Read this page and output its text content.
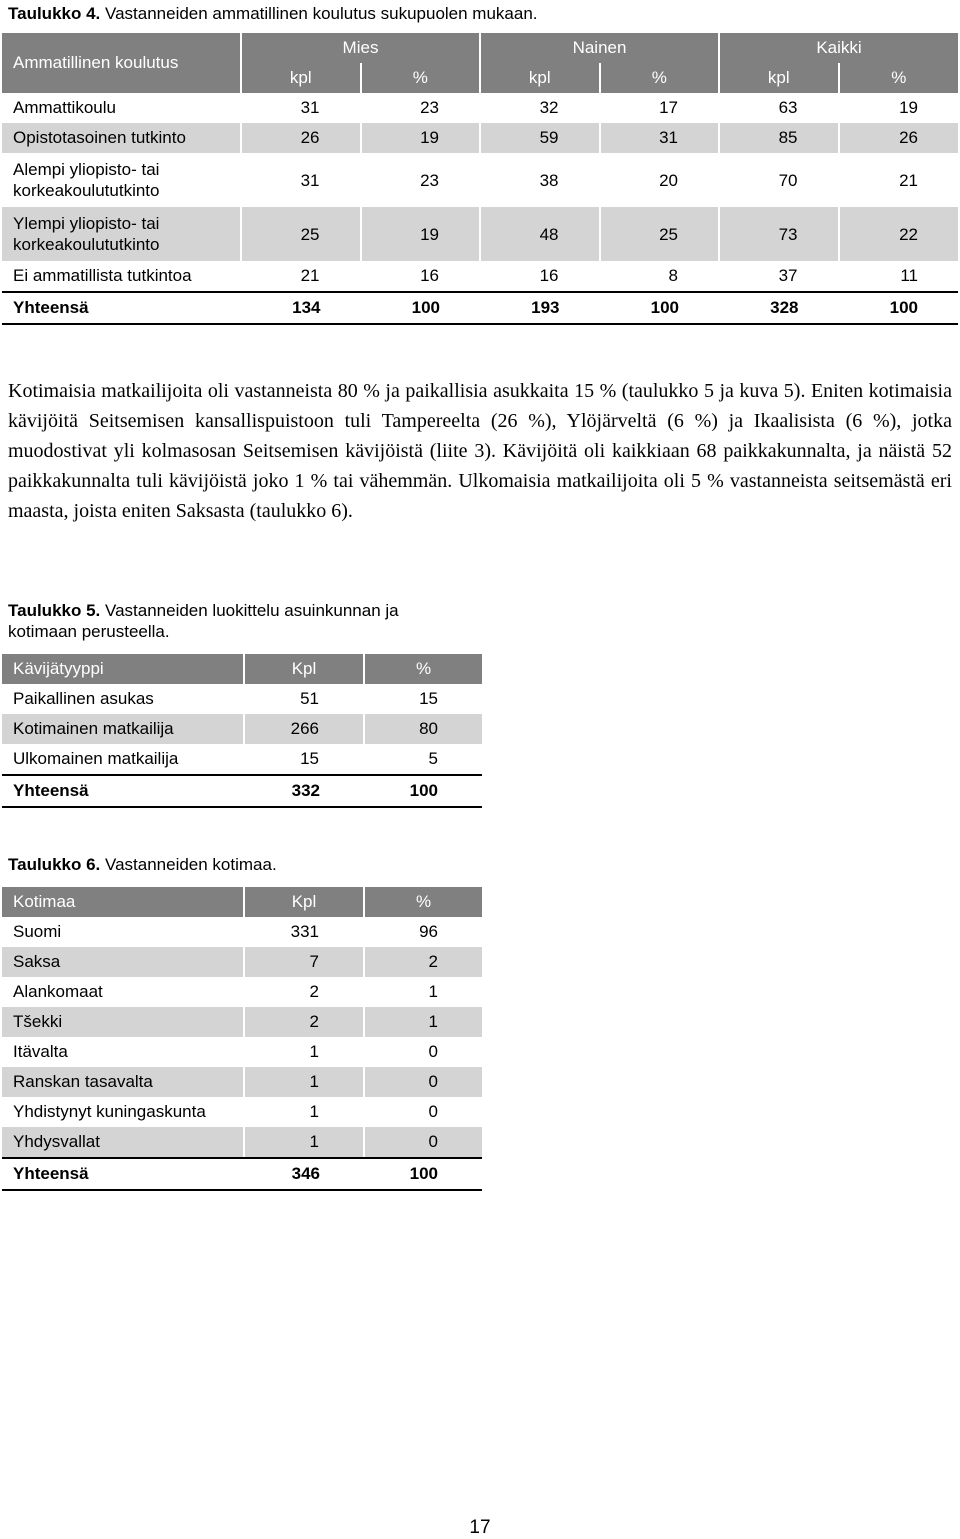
Taulukko 4. Vastanneiden ammatillinen koulutus sukupuolen mukaan.

Ammatillinen koulutus	Mies		Nainen		Kaikki	
	kpl	%	kpl	%	kpl	%
Ammattikoulu	31	23	32	17	63	19
Opistotasoinen tutkinto	26	19	59	31	85	26
Alempi yliopisto- tai korkeakoulututkinto	31	23	38	20	70	21
Ylempi yliopisto- tai korkeakoulututkinto	25	19	48	25	73	22
Ei ammatillista tutkintoa	21	16	16	8	37	11
Yhteensä	134	100	193	100	328	100

Kotimaisia matkailijoita oli vastanneista 80 % ja paikallisia asukkaita 15 % (taulukko 5 ja kuva 5). Eniten kotimaisia kävijöitä Seitsemisen kansallispuistoon tuli Tampereelta (26 %), Ylöjärveltä (6 %) ja Ikaalisista (6 %), jotka muodostivat yli kolmasosan Seitsemisen kävijöistä (liite 3). Kävijöitä oli kaikkiaan 68 paikkakunnalta, ja näistä 52 paikkakunnalta tuli kävijöistä joko 1 % tai vähemmän. Ulkomaisia matkailijoita oli 5 % vastanneista seitsemästä eri maasta, joista eniten Saksasta (taulukko 6).

Taulukko 5. Vastanneiden luokittelu asuinkunnan ja kotimaan perusteella.

Kävijätyyppi	Kpl	%
Paikallinen asukas	51	15
Kotimainen matkailija	266	80
Ulkomainen matkailija	15	5
Yhteensä	332	100

Taulukko 6. Vastanneiden kotimaa.

Kotimaa	Kpl	%
Suomi	331	96
Saksa	7	2
Alankomaat	2	1
Tšekki	2	1
Itävalta	1	0
Ranskan tasavalta	1	0
Yhdistynyt kuningaskunta	1	0
Yhdysvallat	1	0
Yhteensä	346	100
17
